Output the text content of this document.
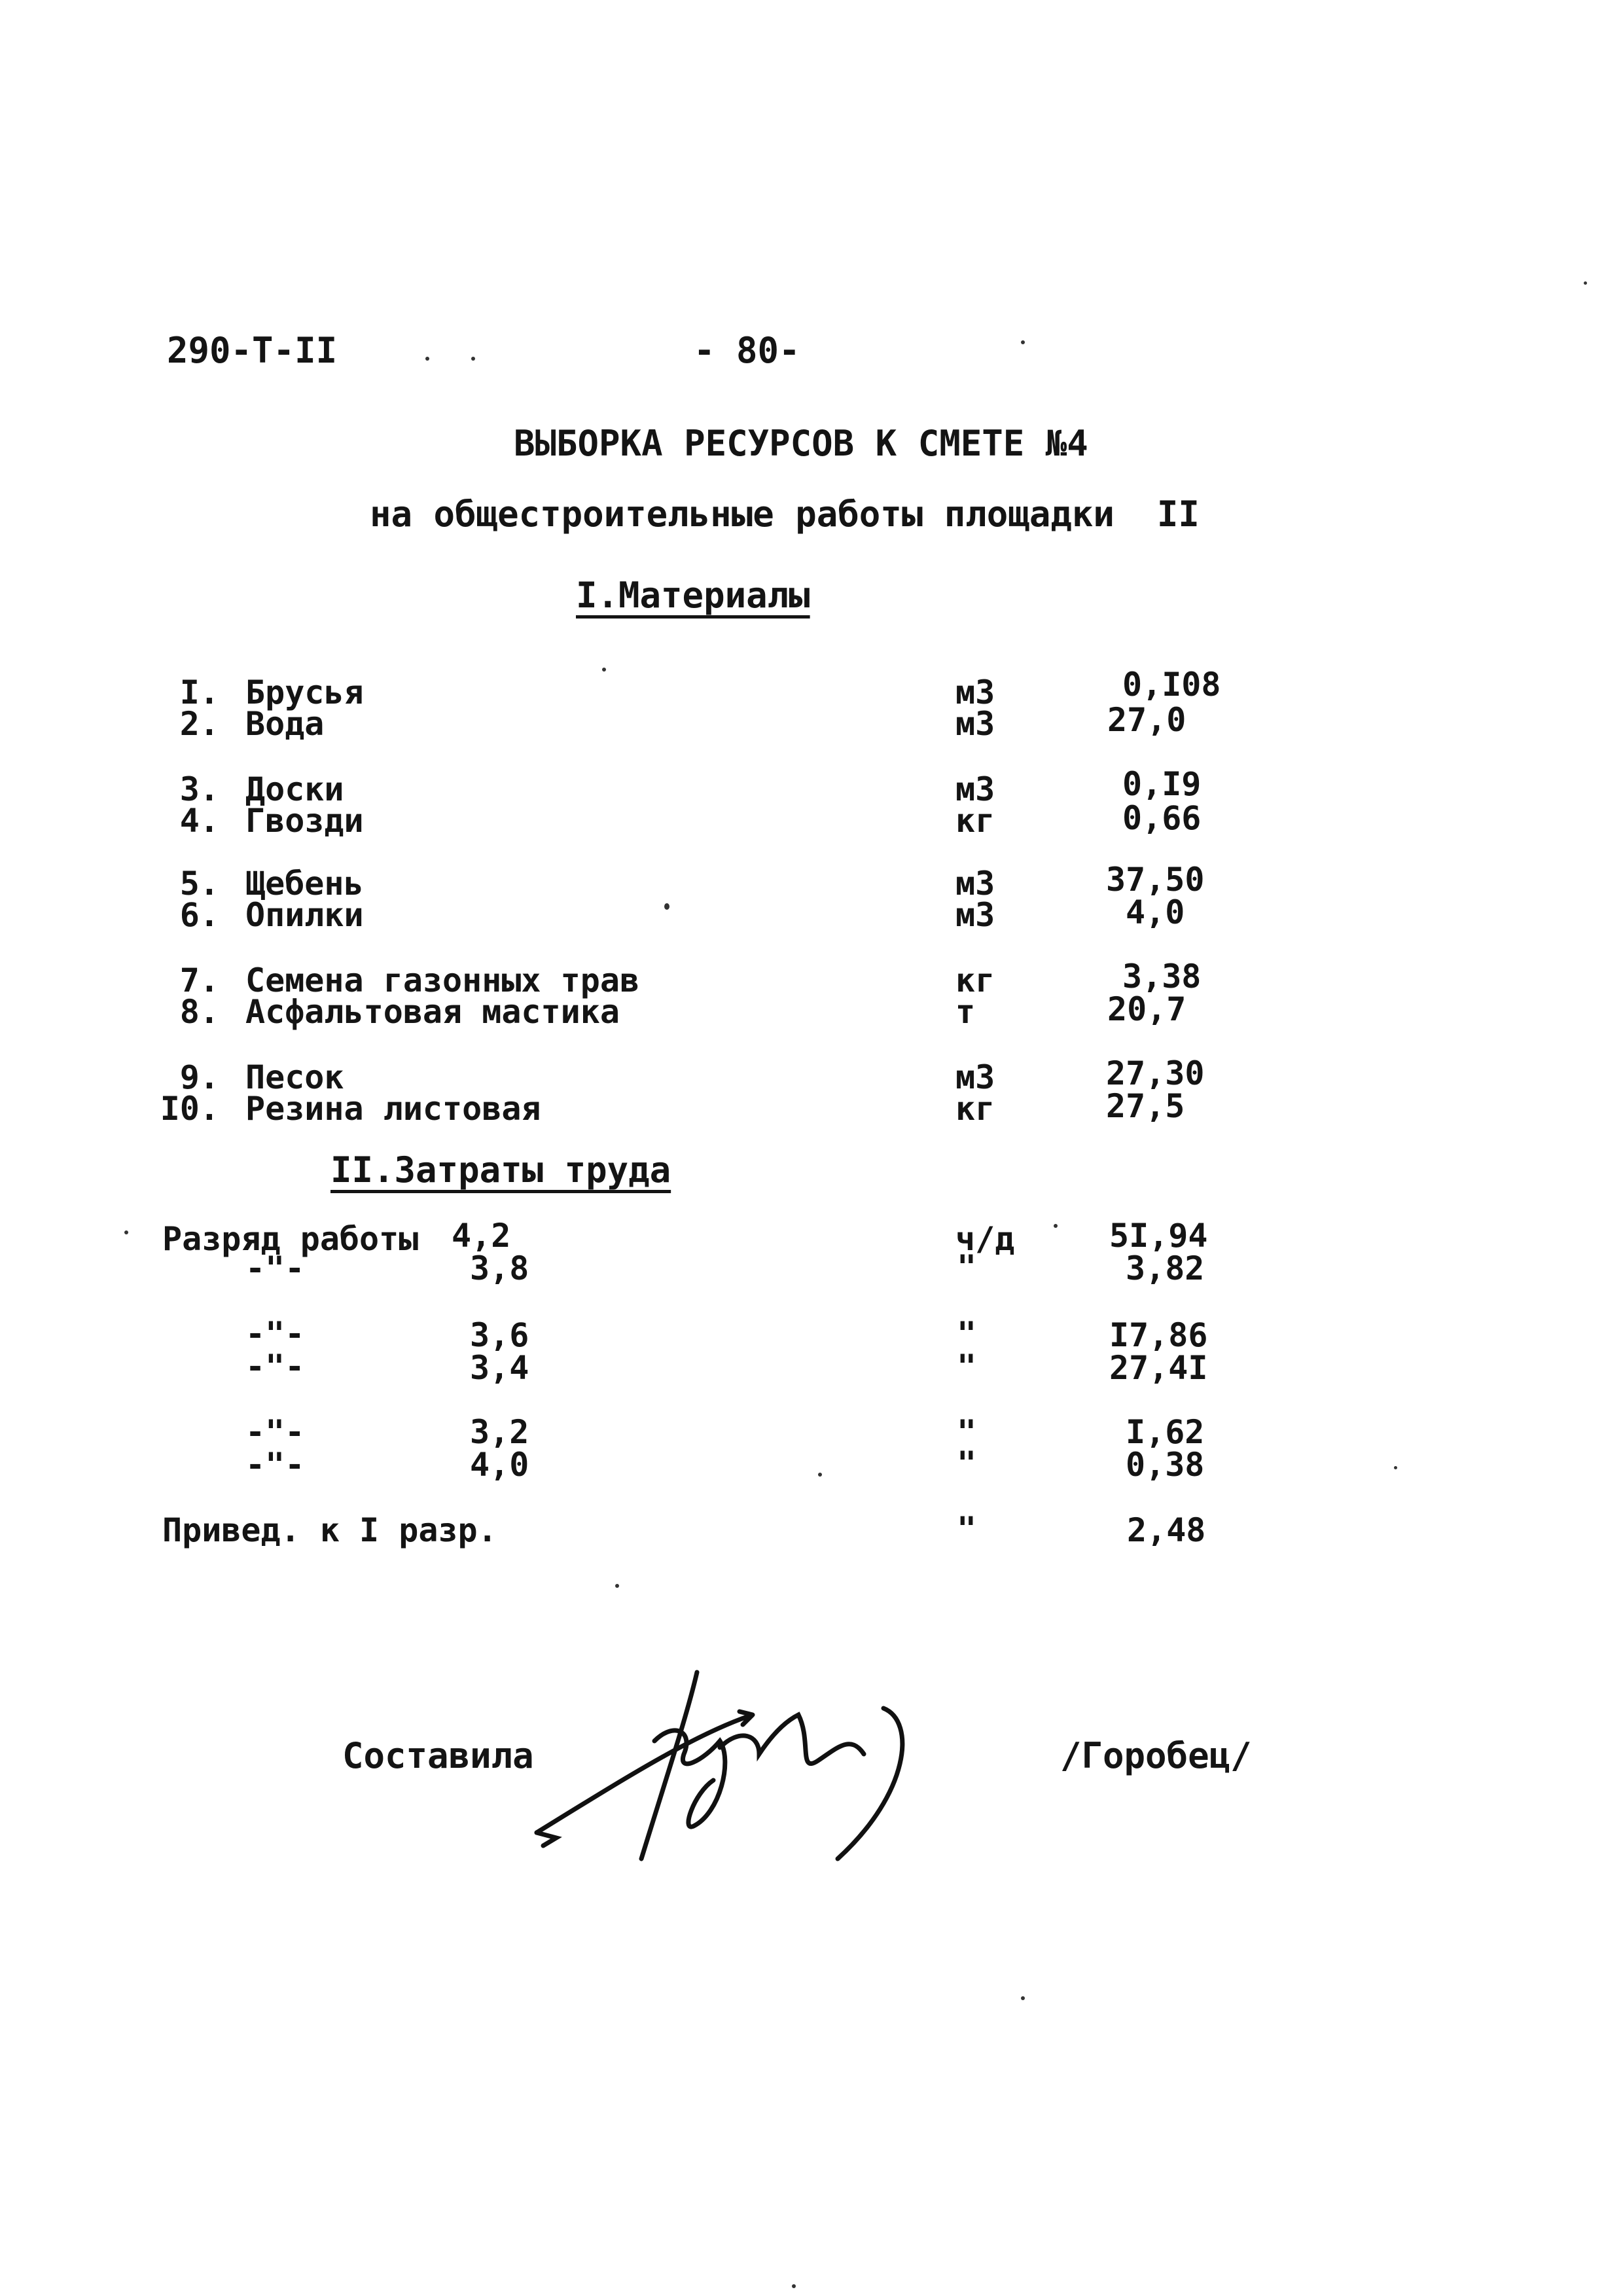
290-Т-II	- 80-
ВЫБОРКА РЕСУРСОВ К СМЕТЕ №4
на общестроительные работы площадки  II
I.Материалы
I. Брусья	м3	0,I08
2. Вода	м3	27,0
3. Доски	м3	0,I9
4. Гвозди	кг	0,66
5. Щебень	м3	37,50
6. Опилки	м3	4,0
7. Семена газонных трав	кг	3,38
8. Асфальтовая мастика	т	20,7
9. Песок	м3	27,30
I0. Резина листовая	кг	27,5
II.Затраты труда
Разряд работы 4,2	ч/д	5I,94
-"-	3,8	"	3,82
-"-	3,6	"	I7,86
-"-	3,4	"	27,4I
-"-	3,2	"	I,62
-"-	4,0	"	0,38
Привед. к I разр.	"	2,48
Составила	/Горобец/
